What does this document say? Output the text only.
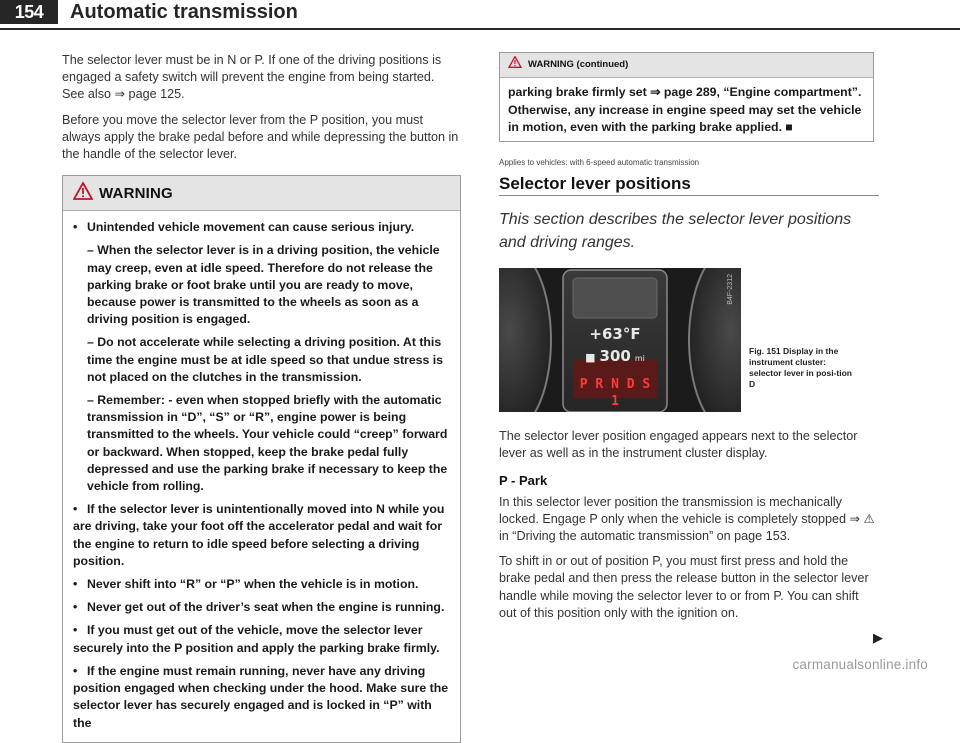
154	Automatic transmission

The selector lever must be in N or P. If one of the driving positions is engaged a safety switch will prevent the engine from being started. See also ⇒ page 125.

Before you move the selector lever from the P position, you must always apply the brake pedal before and while depressing the button in the handle of the selector lever.

WARNING
• Unintended vehicle movement can cause serious injury.
– When the selector lever is in a driving position, the vehicle may creep, even at idle speed. Therefore do not release the parking brake or foot brake until you are ready to move, because power is transmitted to the wheels as soon as a driving position is engaged.
– Do not accelerate while selecting a driving position. At this time the engine must be at idle speed so that undue stress is not placed on the clutches in the transmission.
– Remember: - even when stopped briefly with the automatic transmission in “D”, “S” or “R”, engine power is being transmitted to the wheels. Your vehicle could “creep” forward or backward. When stopped, keep the brake pedal fully depressed and use the parking brake if necessary to keep the vehicle from rolling.
• If the selector lever is unintentionally moved into N while you are driving, take your foot off the accelerator pedal and wait for the engine to return to idle speed before selecting a driving position.
• Never shift into “R” or “P” when the vehicle is in motion.
• Never get out of the driver’s seat when the engine is running.
• If you must get out of the vehicle, move the selector lever securely into the P position and apply the parking brake firmly.
• If the engine must remain running, never have any driving position engaged when checking under the hood. Make sure the selector lever has securely engaged and is locked in “P” with the
WARNING (continued)
parking brake firmly set ⇒ page 289, “Engine compartment”. Otherwise, any increase in engine speed may set the vehicle in motion, even with the parking brake applied. ■
Applies to vehicles: with 6-speed automatic transmission
Selector lever positions
This section describes the selector lever positions and driving ranges.
+63°F
■ 300 mi
P R N D S 1
B4F-2312
Fig. 151 Display in the instrument cluster: selector lever in posi-tion D

The selector lever position engaged appears next to the selector lever as well as in the instrument cluster display.

P - Park

In this selector lever position the transmission is mechanically locked. Engage P only when the vehicle is completely stopped ⇒ ⚠ in “Driving the automatic transmission” on page 153.

To shift in or out of position P, you must first press and hold the brake pedal and then press the release button in the selector lever handle while moving the selector lever to or from P. You can shift out of this position only with the ignition on.

▶
carmanualsonline.info
